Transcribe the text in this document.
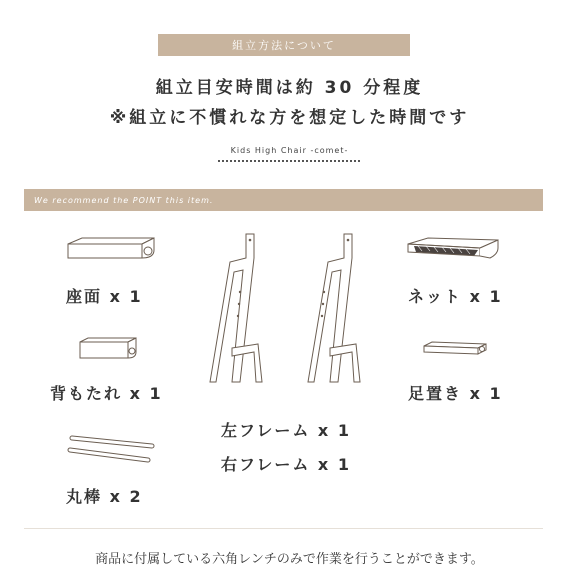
組立方法について
組立目安時間は約 30 分程度
※組立に不慣れな方を想定した時間です
Kids High Chair -comet-
We recommend the POINT this item.
座面 x 1
背もたれ x 1
丸棒 x 2
左フレーム x 1
右フレーム x 1
ネット x 1
足置き x 1
商品に付属している六角レンチのみで作業を行うことができます。
